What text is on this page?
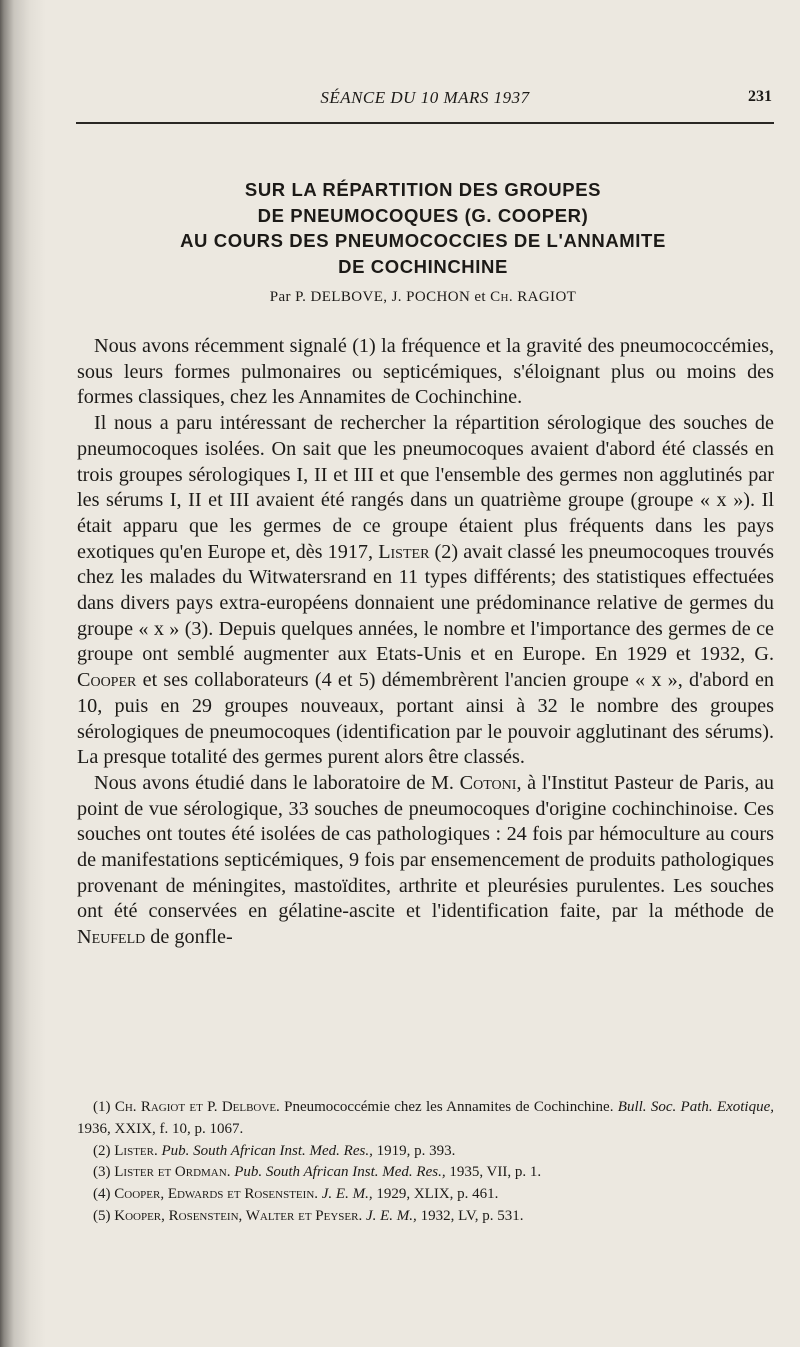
SÉANCE DU 10 MARS 1937	231
SUR LA RÉPARTITION DES GROUPES
DE PNEUMOCOQUES (G. COOPER)
AU COURS DES PNEUMOCOCCIES DE L'ANNAMITE
DE COCHINCHINE
Par P. DELBOVE, J. POCHON et Ch. RAGIOT

Nous avons récemment signalé (1) la fréquence et la gravité des pneumococcémies, sous leurs formes pulmonaires ou septicémiques, s'éloignant plus ou moins des formes classiques, chez les Annamites de Cochinchine.

Il nous a paru intéressant de rechercher la répartition sérologique des souches de pneumocoques isolées. On sait que les pneumocoques avaient d'abord été classés en trois groupes sérologiques I, II et III et que l'ensemble des germes non agglutinés par les sérums I, II et III avaient été rangés dans un quatrième groupe (groupe « x »). Il était apparu que les germes de ce groupe étaient plus fréquents dans les pays exotiques qu'en Europe et, dès 1917, Lister (2) avait classé les pneumocoques trouvés chez les malades du Witwatersrand en 11 types différents; des statistiques effectuées dans divers pays extra-européens donnaient une prédominance relative de germes du groupe « x » (3). Depuis quelques années, le nombre et l'importance des germes de ce groupe ont semblé augmenter aux Etats-Unis et en Europe. En 1929 et 1932, G. Cooper et ses collaborateurs (4 et 5) démembrèrent l'ancien groupe « x », d'abord en 10, puis en 29 groupes nouveaux, portant ainsi à 32 le nombre des groupes sérologiques de pneumocoques (identification par le pouvoir agglutinant des sérums). La presque totalité des germes purent alors être classés.

Nous avons étudié dans le laboratoire de M. Cotoni, à l'Institut Pasteur de Paris, au point de vue sérologique, 33 souches de pneumocoques d'origine cochinchinoise. Ces souches ont toutes été isolées de cas pathologiques : 24 fois par hémoculture au cours de manifestations septicémiques, 9 fois par ensemencement de produits pathologiques provenant de méningites, mastoïdites, arthrite et pleurésies purulentes. Les souches ont été conservées en gélatine-ascite et l'identification faite, par la méthode de Neufeld de gonfle-

(1) Ch. Ragiot et P. Delbove. Pneumococcémie chez les Annamites de Cochinchine. Bull. Soc. Path. Exotique, 1936, XXIX, f. 10, p. 1067.
(2) Lister. Pub. South African Inst. Med. Res., 1919, p. 393.
(3) Lister et Ordman. Pub. South African Inst. Med. Res., 1935, VII, p. 1.
(4) Cooper, Edwards et Rosenstein. J. E. M., 1929, XLIX, p. 461.
(5) Kooper, Rosenstein, Walter et Peyser. J. E. M., 1932, LV, p. 531.
